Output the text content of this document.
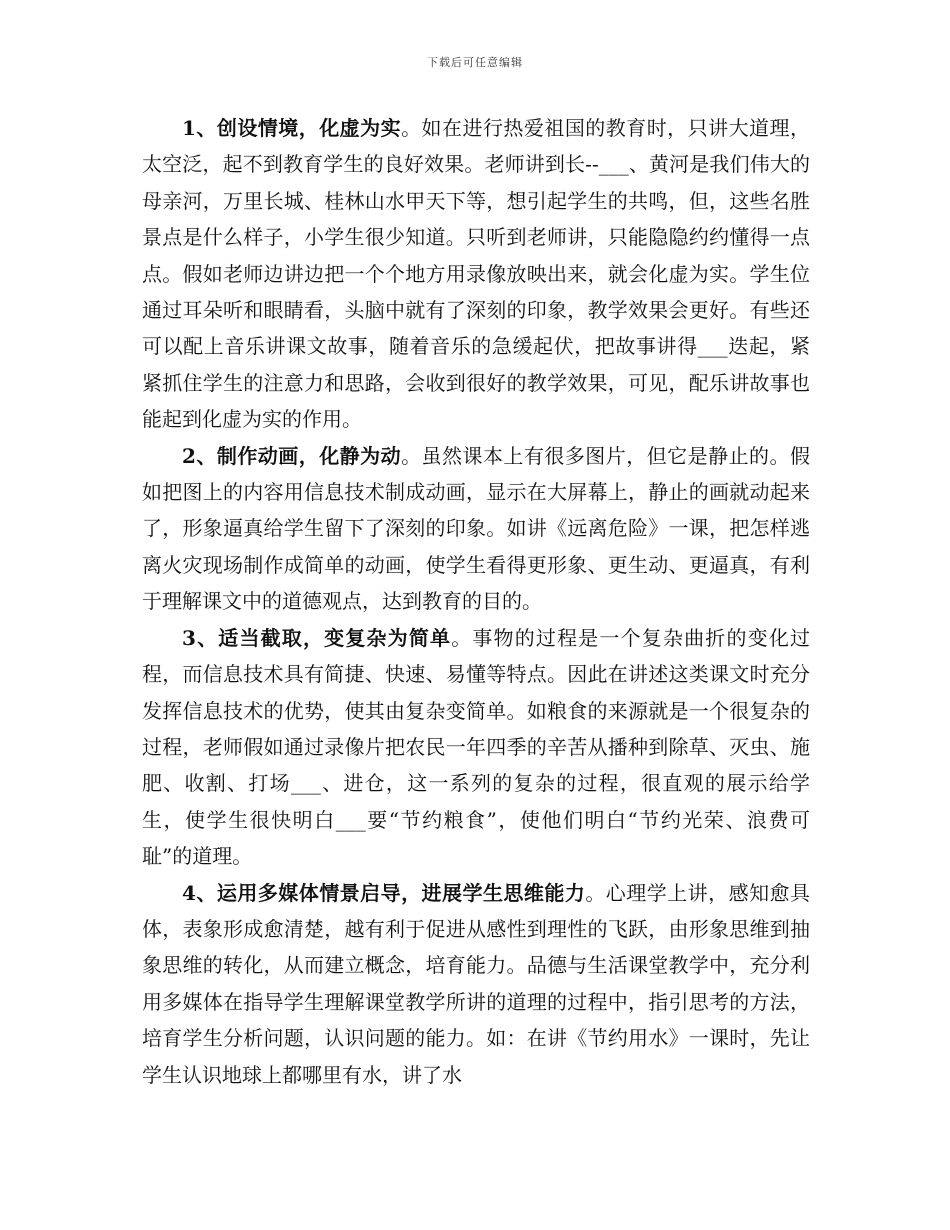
下载后可任意编辑

1、创设情境，化虚为实。如在进行热爱祖国的教育时，只讲大道理，太空泛，起不到教育学生的良好效果。老师讲到长--___、黄河是我们伟大的母亲河，万里长城、桂林山水甲天下等，想引起学生的共鸣，但，这些名胜景点是什么样子，小学生很少知道。只听到老师讲，只能隐隐约约懂得一点点。假如老师边讲边把一个个地方用录像放映出来，就会化虚为实。学生位通过耳朵听和眼睛看，头脑中就有了深刻的印象，教学效果会更好。有些还可以配上音乐讲课文故事，随着音乐的急缓起伏，把故事讲得___迭起，紧紧抓住学生的注意力和思路，会收到很好的教学效果，可见，配乐讲故事也能起到化虚为实的作用。

2、制作动画，化静为动。虽然课本上有很多图片，但它是静止的。假如把图上的内容用信息技术制成动画，显示在大屏幕上，静止的画就动起来了，形象逼真给学生留下了深刻的印象。如讲《远离危险》一课，把怎样逃离火灾现场制作成简单的动画，使学生看得更形象、更生动、更逼真，有利于理解课文中的道德观点，达到教育的目的。

3、适当截取，变复杂为简单。事物的过程是一个复杂曲折的变化过程，而信息技术具有简捷、快速、易懂等特点。因此在讲述这类课文时充分发挥信息技术的优势，使其由复杂变简单。如粮食的来源就是一个很复杂的过程，老师假如通过录像片把农民一年四季的辛苦从播种到除草、灭虫、施肥、收割、打场___、进仓，这一系列的复杂的过程，很直观的展示给学生，使学生很快明白___要“节约粮食”，使他们明白“节约光荣、浪费可耻”的道理。

4、运用多媒体情景启导，进展学生思维能力。心理学上讲，感知愈具体，表象形成愈清楚，越有利于促进从感性到理性的飞跃，由形象思维到抽象思维的转化，从而建立概念，培育能力。品德与生活课堂教学中，充分利用多媒体在指导学生理解课堂教学所讲的道理的过程中，指引思考的方法，培育学生分析问题，认识问题的能力。如：在讲《节约用水》一课时，先让学生认识地球上都哪里有水，讲了水
